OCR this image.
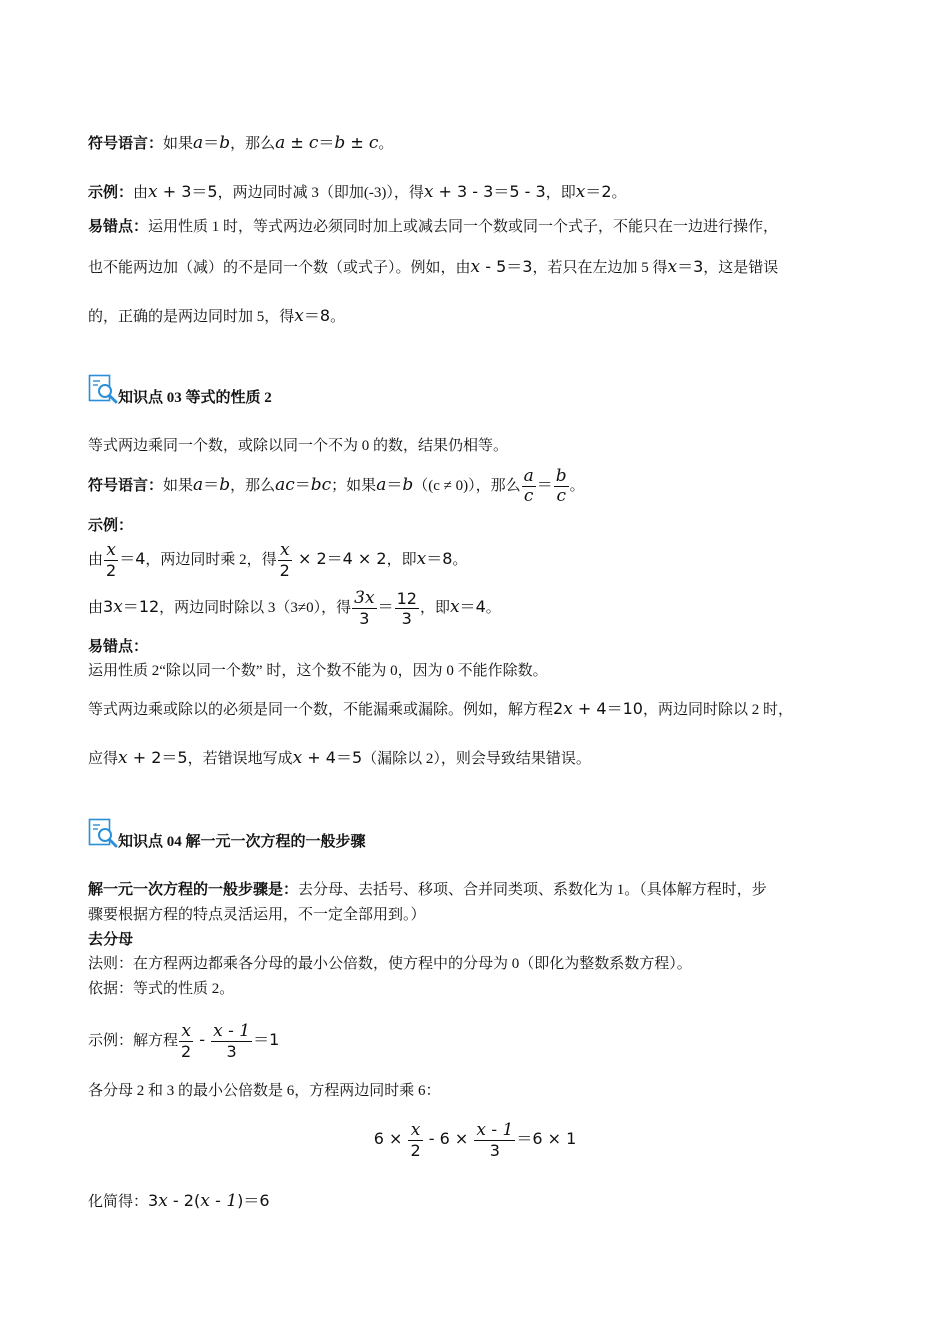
符号语言：如果a＝b，那么a ± c＝b ± c。
示例：由x + 3＝5，两边同时减 3（即加(-3)），得x + 3 - 3＝5 - 3，即x＝2。
易错点：运用性质 1 时，等式两边必须同时加上或减去同一个数或同一个式子，不能只在一边进行操作，
也不能两边加（减）的不是同一个数（或式子）。例如，由x - 5＝3，若只在左边加 5 得x＝3，这是错误
的，正确的是两边同时加 5，得x＝8。
知识点 03 等式的性质 2
等式两边乘同一个数，或除以同一个不为 0 的数，结果仍相等。
符号语言：如果a＝b，那么ac＝bc；如果a＝b（(c ≠ 0)），那么 $\frac{a}{c} = \frac{b}{c}$ 。
示例：
由 $\frac{x}{2} =4$，两边同时乘 2，得 $\frac{x}{2} \times 2=4 \times 2$，即x＝8。
由3x＝12，两边同时除以 3（3≠0），得 $\frac{3x}{3} = \frac{12}{3}$ ，即x＝4。
易错点：
运用性质 2“除以同一个数” 时，这个数不能为 0，因为 0 不能作除数。
等式两边乘或除以的必须是同一个数，不能漏乘或漏除。例如，解方程2x + 4＝10，两边同时除以 2 时，
应得x + 2＝5，若错误地写成x + 4＝5（漏除以 2），则会导致结果错误。
知识点 04 解一元一次方程的一般步骤
解一元一次方程的一般步骤是：去分母、去括号、移项、合并同类项、系数化为 1。（具体解方程时，步
骤要根据方程的特点灵活运用，不一定全部用到。）
去分母
法则：在方程两边都乘各分母的最小公倍数，使方程中的分母为 0（即化为整数系数方程）。
依据：等式的性质 2。
示例：解方程 $\frac{x}{2} - \frac{x - 1}{3} =1$
各分母 2 和 3 的最小公倍数是 6，方程两边同时乘 6：
$6 \times \frac{x}{2} - 6 \times \frac{x - 1}{3} =6 \times 1$
化简得：3x - 2(x - 1)＝6
